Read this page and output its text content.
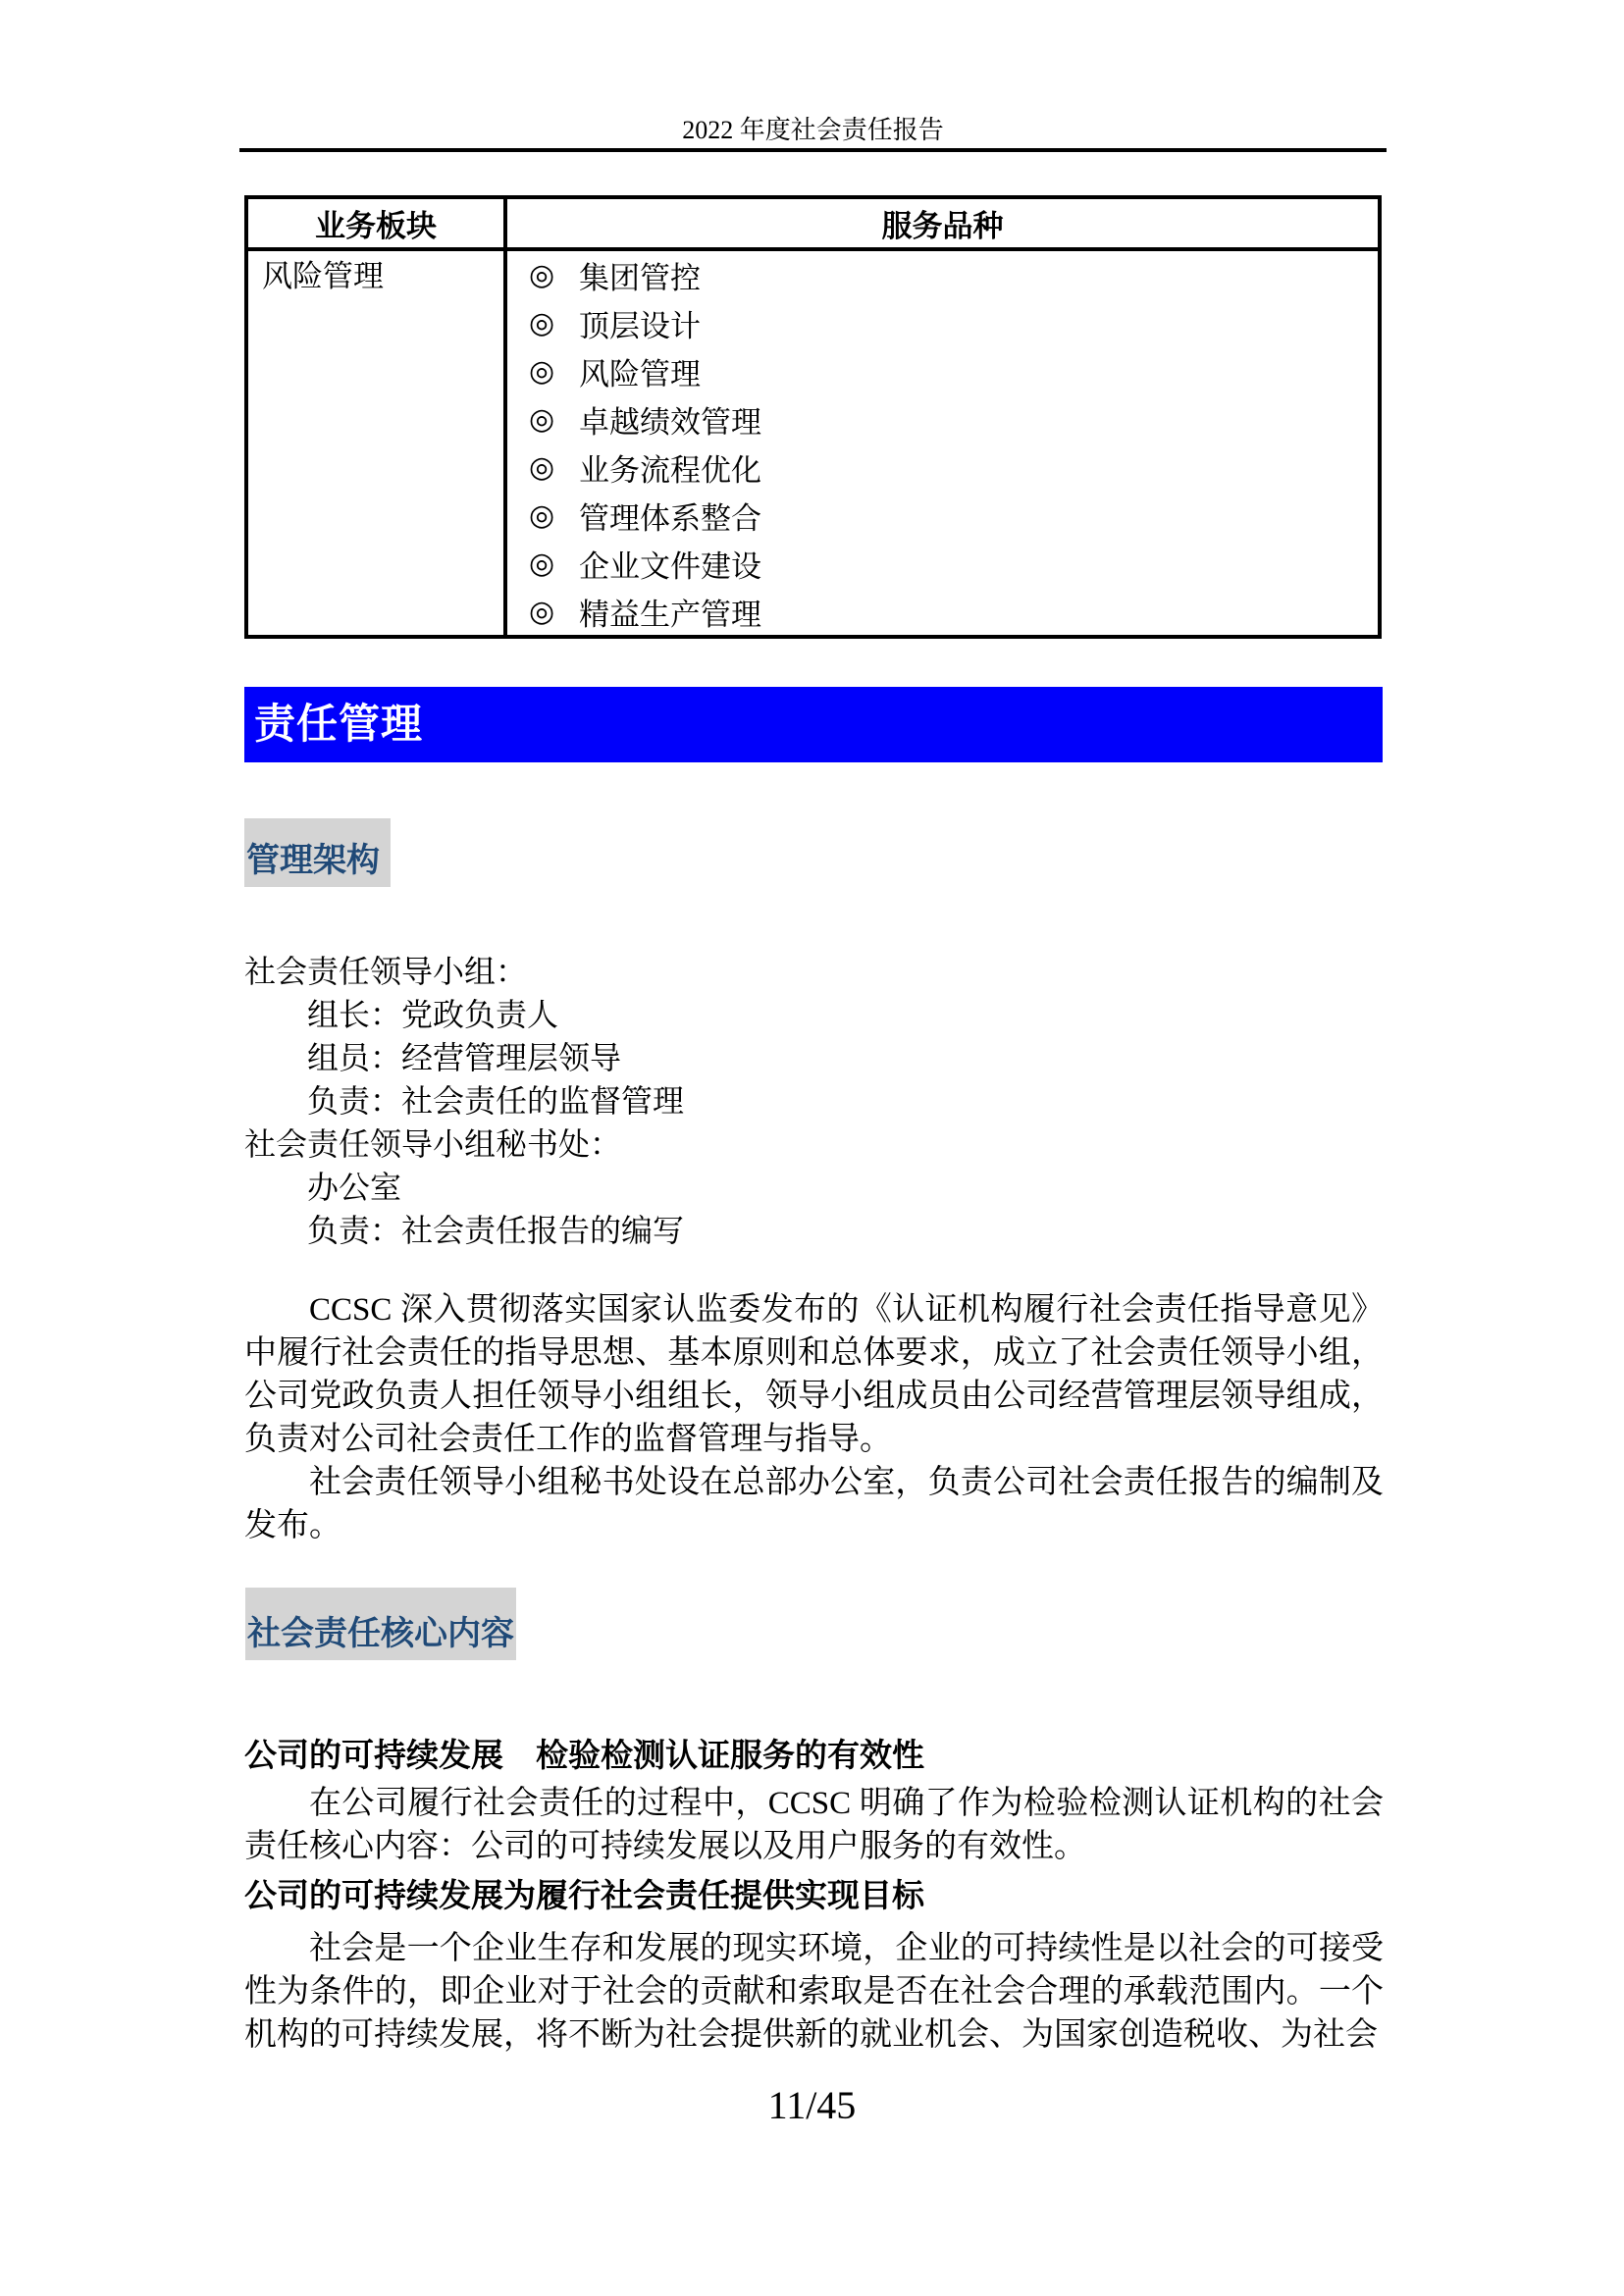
2022 年度社会责任报告
业务板块	服务品种
风险管理	◎ 集团管控
◎ 顶层设计
◎ 风险管理
◎ 卓越绩效管理
◎ 业务流程优化
◎ 管理体系整合
◎ 企业文件建设
◎ 精益生产管理
责任管理
管理架构
社会责任领导小组：
　　组长：党政负责人
　　组员：经营管理层领导
　　负责：社会责任的监督管理
社会责任领导小组秘书处：
　　办公室
　　负责：社会责任报告的编写

CCSC 深入贯彻落实国家认监委发布的《认证机构履行社会责任指导意见》中履行社会责任的指导思想、基本原则和总体要求，成立了社会责任领导小组，公司党政负责人担任领导小组组长，领导小组成员由公司经营管理层领导组成，负责对公司社会责任工作的监督管理与指导。

社会责任领导小组秘书处设在总部办公室，负责公司社会责任报告的编制及发布。

社会责任核心内容
公司的可持续发展　检验检测认证服务的有效性

在公司履行社会责任的过程中，CCSC 明确了作为检验检测认证机构的社会责任核心内容：公司的可持续发展以及用户服务的有效性。

公司的可持续发展为履行社会责任提供实现目标

社会是一个企业生存和发展的现实环境，企业的可持续性是以社会的可接受性为条件的，即企业对于社会的贡献和索取是否在社会合理的承载范围内。一个机构的可持续发展，将不断为社会提供新的就业机会、为国家创造税收、为社会

11/45
